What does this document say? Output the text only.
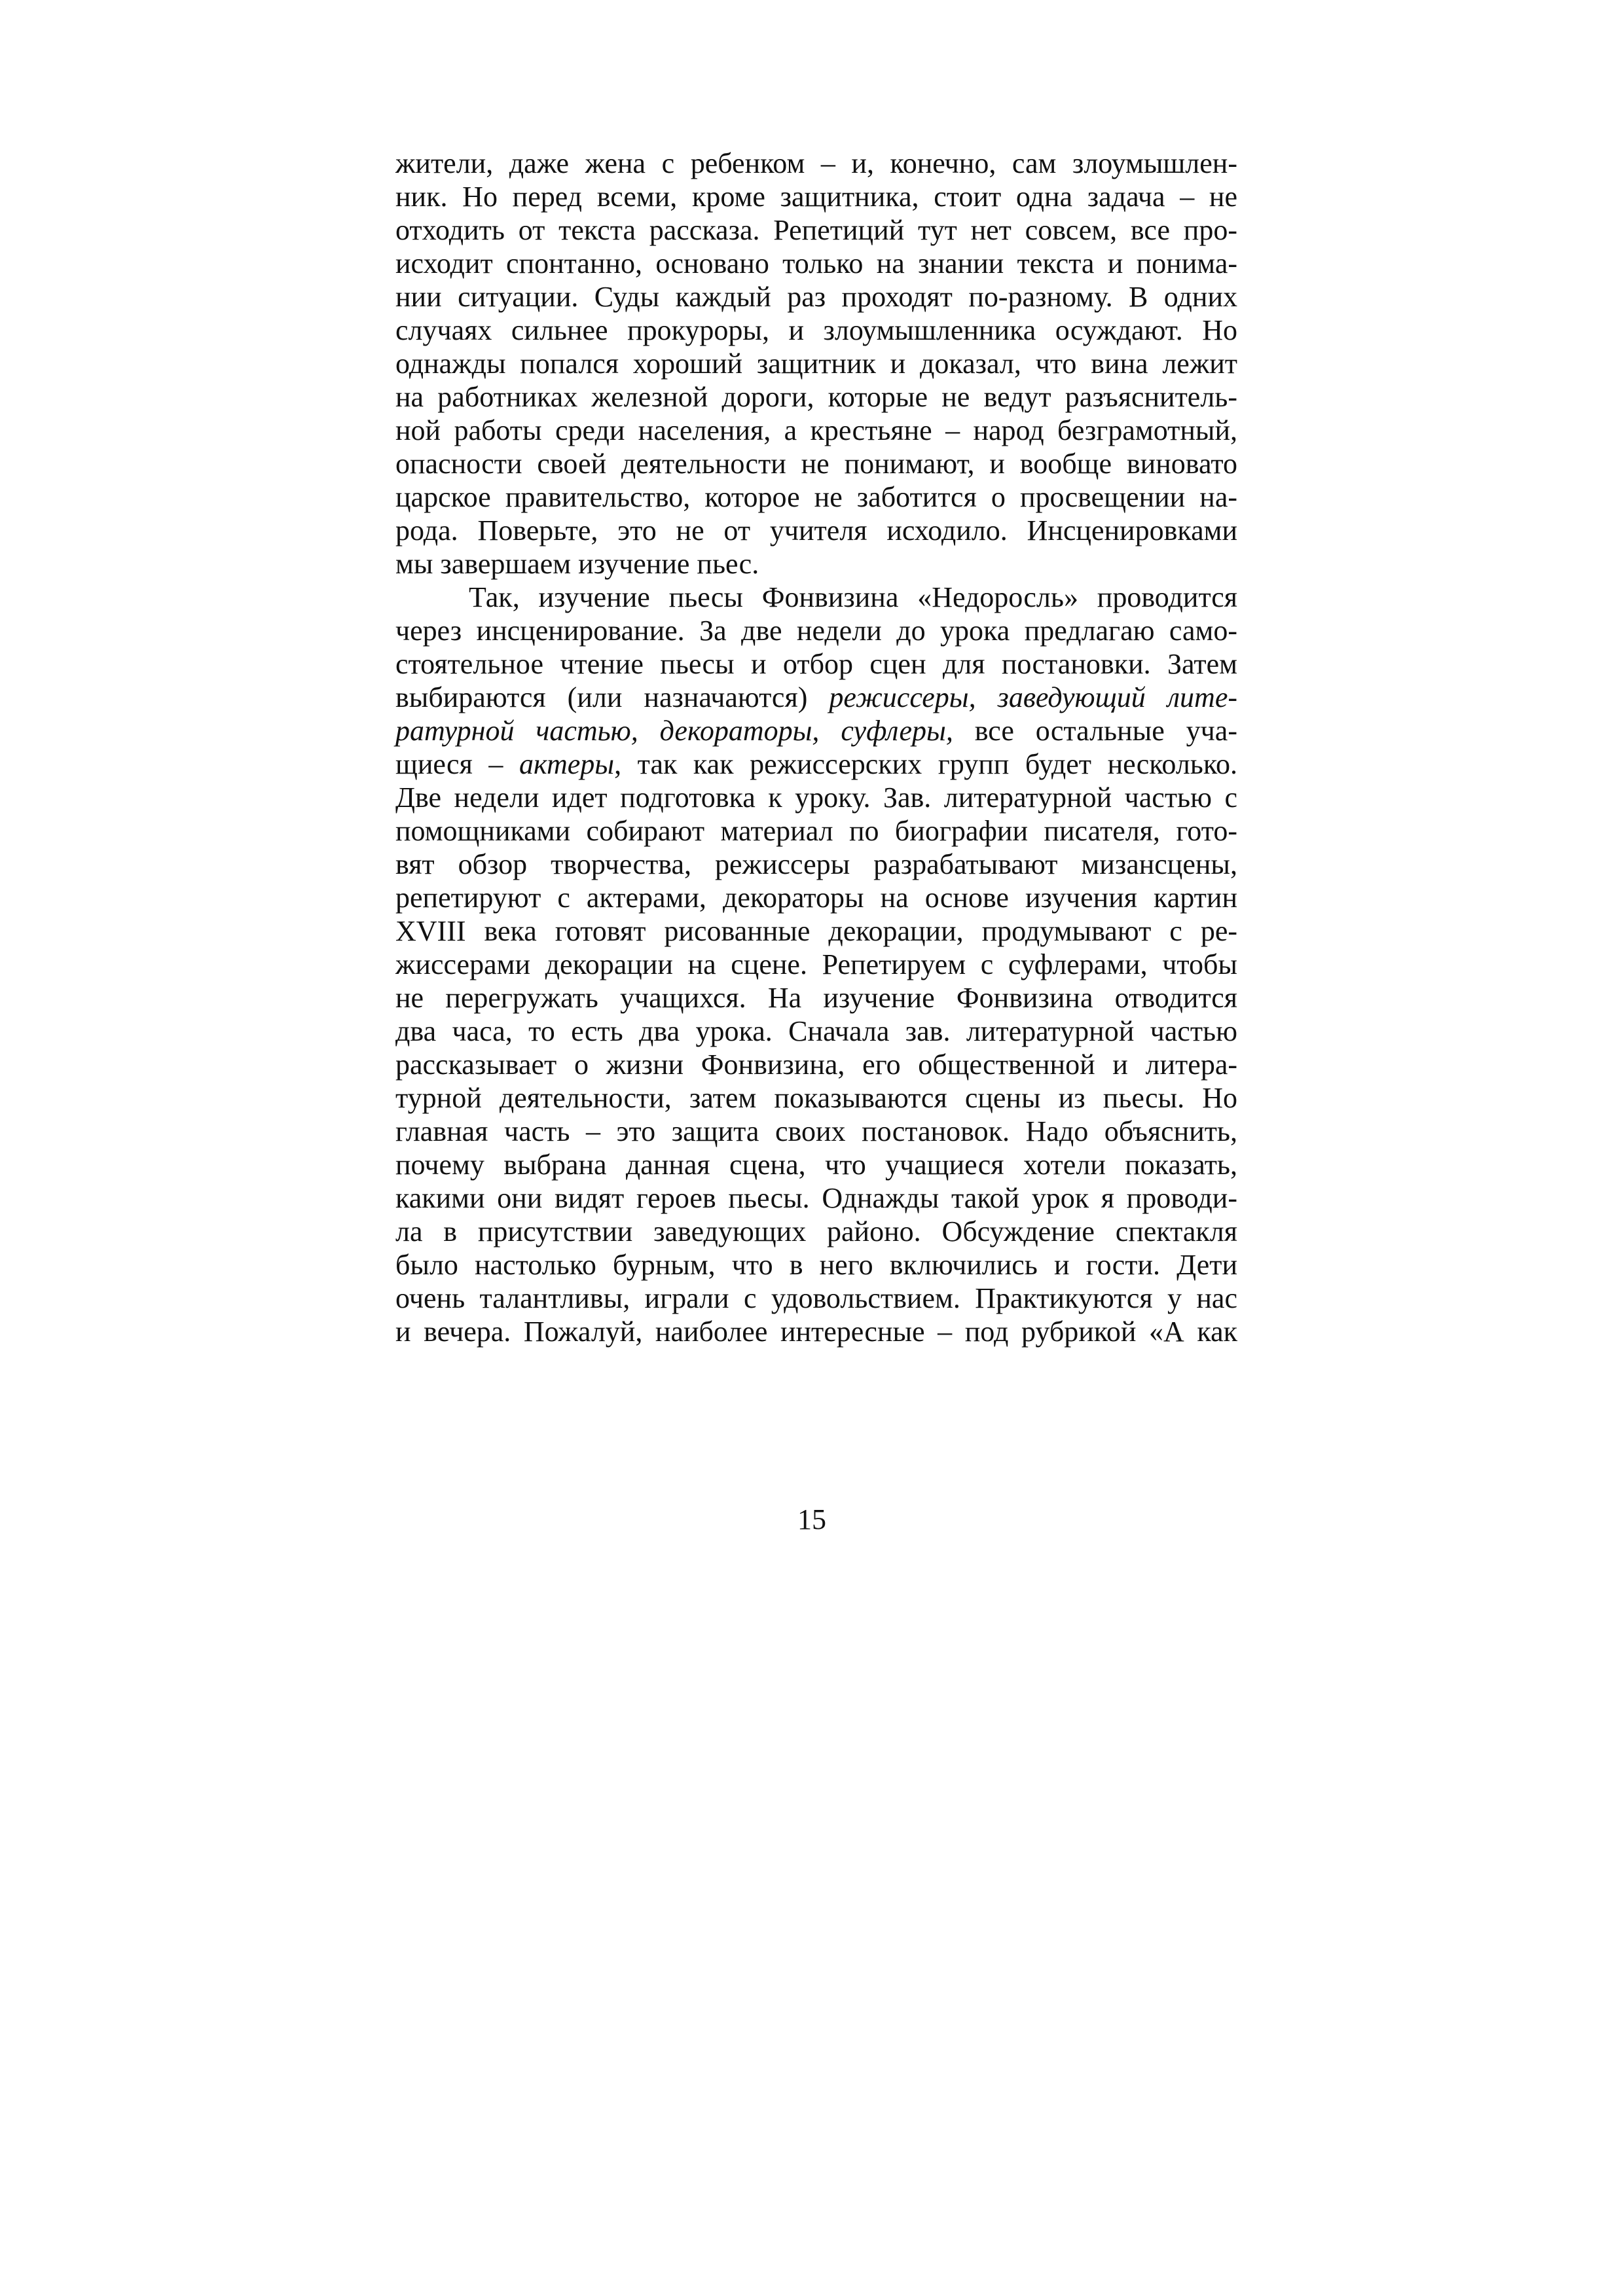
жители, даже жена с ребенком – и, конечно, сам злоумышлен-
ник. Но перед всеми, кроме защитника, стоит одна задача – не
отходить от текста рассказа. Репетиций тут нет совсем, все про-
исходит спонтанно, основано только на знании текста и понима-
нии ситуации. Суды каждый раз проходят по-разному. В одних
случаях сильнее прокуроры, и злоумышленника осуждают. Но
однажды попался хороший защитник и доказал, что вина лежит
на работниках железной дороги, которые не ведут разъяснитель-
ной работы среди населения, а крестьяне – народ безграмотный,
опасности своей деятельности не понимают, и вообще виновато
царское правительство, которое не заботится о просвещении на-
рода. Поверьте, это не от учителя исходило. Инсценировками
мы завершаем изучение пьес.
Так, изучение пьесы Фонвизина «Недоросль» проводится
через инсценирование. За две недели до урока предлагаю само-
стоятельное чтение пьесы и отбор сцен для постановки. Затем
выбираются (или назначаются) режиссеры, заведующий лите-
ратурной частью, декораторы, суфлеры, все остальные уча-
щиеся – актеры, так как режиссерских групп будет несколько.
Две недели идет подготовка к уроку. Зав. литературной частью с
помощниками собирают материал по биографии писателя, гото-
вят обзор творчества, режиссеры разрабатывают мизансцены,
репетируют с актерами, декораторы на основе изучения картин
XVIII века готовят рисованные декорации, продумывают с ре-
жиссерами декорации на сцене. Репетируем с суфлерами, чтобы
не перегружать учащихся. На изучение Фонвизина отводится
два часа, то есть два урока. Сначала зав. литературной частью
рассказывает о жизни Фонвизина, его общественной и литера-
турной деятельности, затем показываются сцены из пьесы. Но
главная часть – это защита своих постановок. Надо объяснить,
почему выбрана данная сцена, что учащиеся хотели показать,
какими они видят героев пьесы. Однажды такой урок я проводи-
ла в присутствии заведующих районо. Обсуждение спектакля
было настолько бурным, что в него включились и гости. Дети
очень талантливы, играли с удовольствием. Практикуются у нас
и вечера. Пожалуй, наиболее интересные – под рубрикой «А как
15
